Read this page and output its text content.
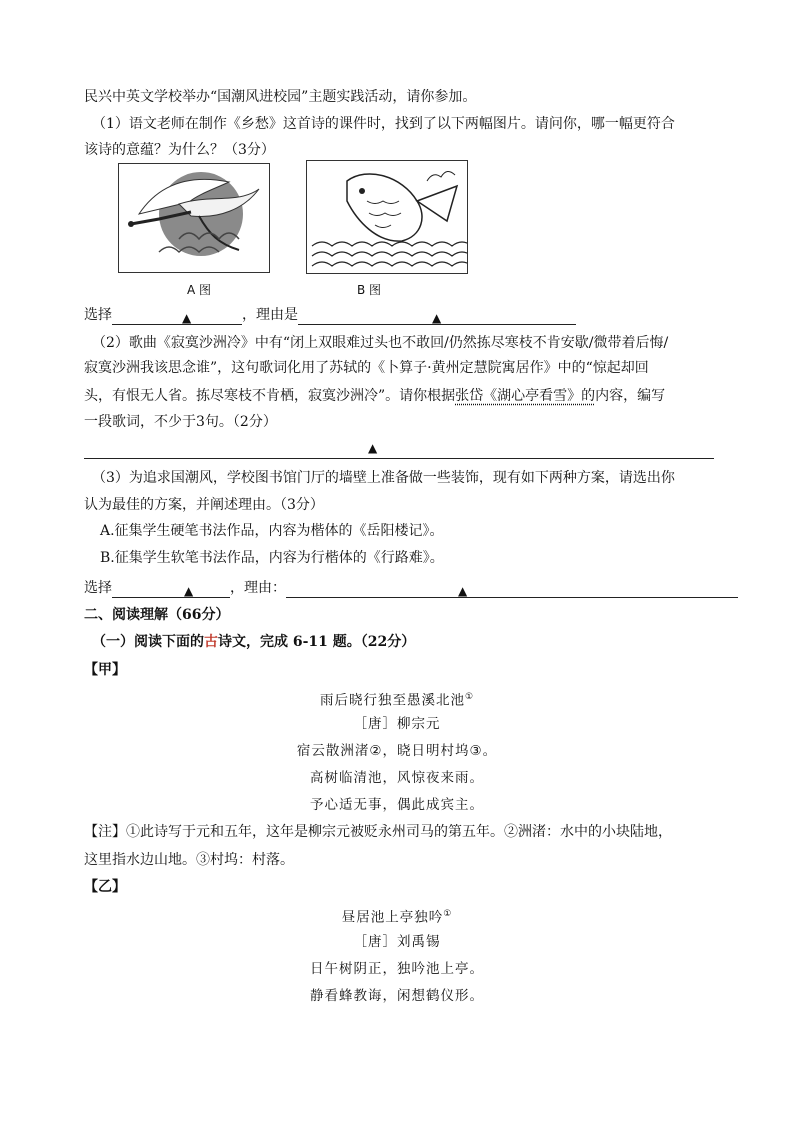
民兴中英文学校举办“国潮风进校园”主题实践活动，请你参加。
（1）语文老师在制作《乡愁》这首诗的课件时，找到了以下两幅图片。请问你，哪一幅更符合
该诗的意蕴？为什么？（3分）
A 图	B 图
选择	▲	，理由是	▲
（2）歌曲《寂寞沙洲冷》中有“闭上双眼难过头也不敢回/仍然拣尽寒枝不肯安歇/微带着后悔/
寂寞沙洲我该思念谁”，这句歌词化用了苏轼的《卜算子·黄州定慧院寓居作》中的“惊起却回
头，有恨无人省。拣尽寒枝不肯栖，寂寞沙洲冷”。请你根据张岱《湖心亭看雪》的内容，编写
一段歌词，不少于3句。（2分）
▲
（3）为追求国潮风，学校图书馆门厅的墙壁上准备做一些装饰，现有如下两种方案，请选出你
认为最佳的方案，并阐述理由。（3分）
A.征集学生硬笔书法作品，内容为楷体的《岳阳楼记》。
B.征集学生软笔书法作品，内容为行楷体的《行路难》。
选择	▲	，理由：	▲
二、阅读理解（66分）
（一）阅读下面的古诗文，完成 6-11 题。（22分）
【甲】
雨后晓行独至愚溪北池①
［唐］柳宗元
宿云散洲渚②，晓日明村坞③。
高树临清池，风惊夜来雨。
予心适无事，偶此成宾主。
【注】①此诗写于元和五年，这年是柳宗元被贬永州司马的第五年。②洲渚：水中的小块陆地，
这里指水边山地。③村坞：村落。
【乙】
昼居池上亭独吟①
［唐］刘禹锡
日午树阴正，独吟池上亭。
静看蜂教诲，闲想鹤仪形。
